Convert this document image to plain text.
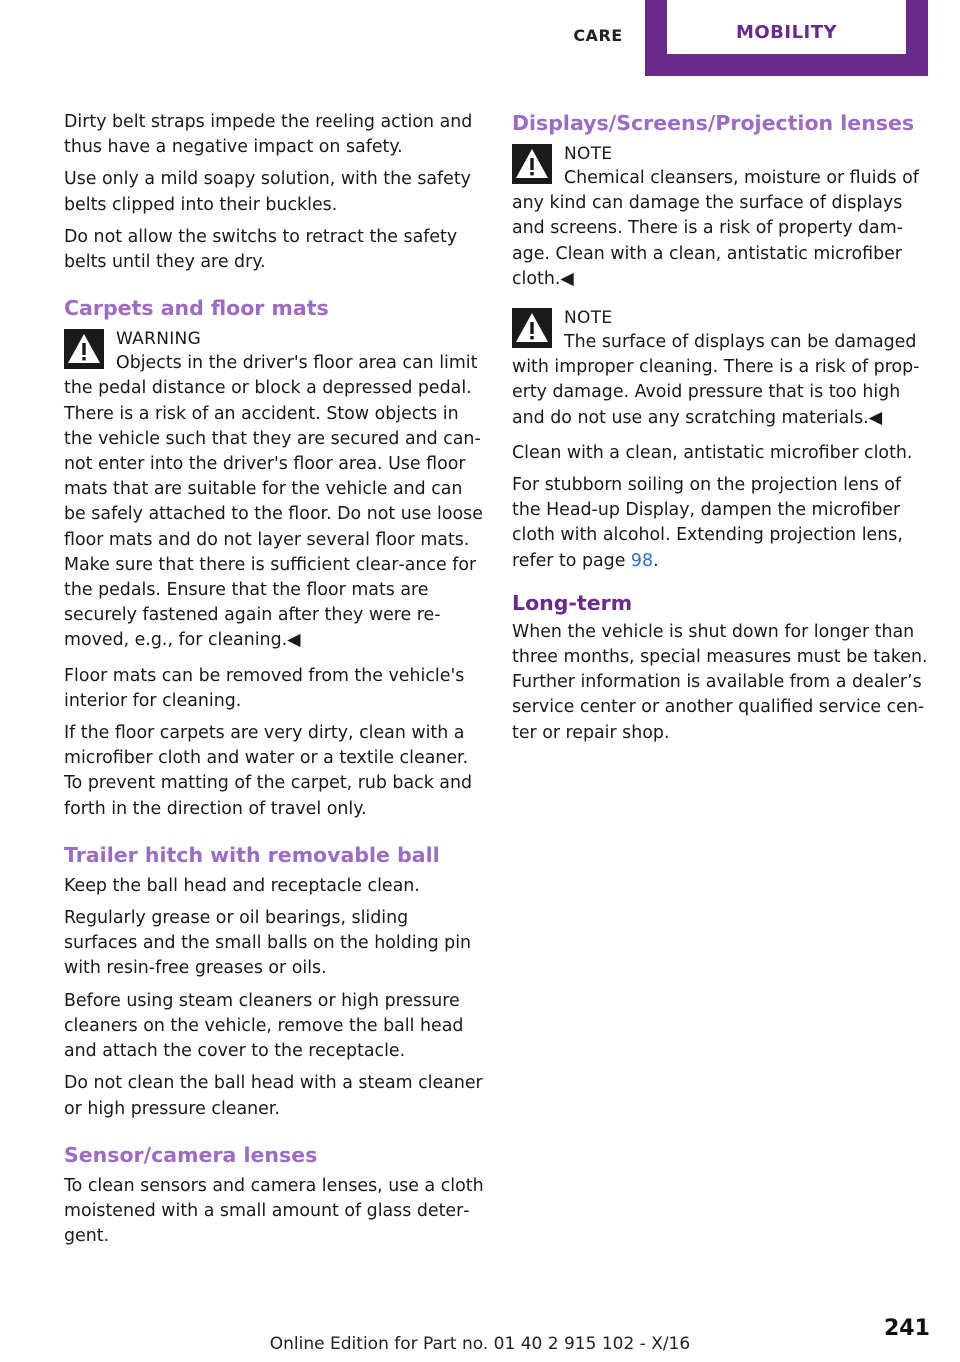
CARE	MOBILITY

Dirty belt straps impede the reeling action and thus have a negative impact on safety.

Use only a mild soapy solution, with the safety belts clipped into their buckles.

Do not allow the switchs to retract the safety belts until they are dry.

Carpets and floor mats
WARNING
Objects in the driver's floor area can limit the pedal distance or block a depressed pedal. There is a risk of an accident. Stow objects in the vehicle such that they are secured and can‐not enter into the driver's floor area. Use floor mats that are suitable for the vehicle and can be safely attached to the floor. Do not use loose floor mats and do not layer several floor mats. Make sure that there is sufficient clear‐ance for the pedals. Ensure that the floor mats are securely fastened again after they were re‐moved, e.g., for cleaning.◀

Floor mats can be removed from the vehicle's interior for cleaning.

If the floor carpets are very dirty, clean with a microfiber cloth and water or a textile cleaner. To prevent matting of the carpet, rub back and forth in the direction of travel only.

Trailer hitch with removable ball

Keep the ball head and receptacle clean.

Regularly grease or oil bearings, sliding surfaces and the small balls on the holding pin with resin-free greases or oils.

Before using steam cleaners or high pressure cleaners on the vehicle, remove the ball head and attach the cover to the receptacle.

Do not clean the ball head with a steam cleaner or high pressure cleaner.

Sensor/camera lenses

To clean sensors and camera lenses, use a cloth moistened with a small amount of glass deter‐gent.

Displays/Screens/Projection lenses
NOTE
Chemical cleansers, moisture or fluids of any kind can damage the surface of displays and screens. There is a risk of property dam‐age. Clean with a clean, antistatic microfiber cloth.◀
NOTE
The surface of displays can be damaged with improper cleaning. There is a risk of prop‐erty damage. Avoid pressure that is too high and do not use any scratching materials.◀

Clean with a clean, antistatic microfiber cloth.

For stubborn soiling on the projection lens of the Head-up Display, dampen the microfiber cloth with alcohol. Extending projection lens, refer to page 98.

Long-term

When the vehicle is shut down for longer than three months, special measures must be taken. Further information is available from a dealer’s service center or another qualified service cen‐ter or repair shop.

241
Online Edition for Part no. 01 40 2 915 102 - X/16
